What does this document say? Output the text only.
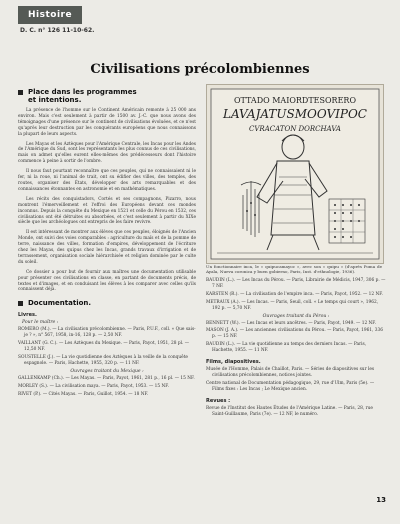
Histoire
D. C. n° 126 11-10-62.
Civilisations précolombiennes
Place dans les programmes
et intentions.

La présence de l'homme sur le Continent Américain remonte à 25 000 ans environ. Mais c'est seulement à partir de 1500 av. J.-C. que nous avons des témoignages d'une présence sur le continent de civilisations évoluées, et ce n'est qu'après leur destruction par les conquérants européens que nous connaissons la plupart de leurs aspects.

Les Mayas et les Aztèques pour l'Amérique Centrale, les Incas pour les Andes de l'Amérique du Sud, sont les représentants les plus connus de ces civilisations, mais on admet qu'elles eurent elles-mêmes des prédécesseurs dont l'histoire commence à peine à sortir de l'ombre.

Il nous faut pourtant reconnaître que ces peuples, qui ne connaissaient ni le fer, ni la roue, ni l'animal de trait, ont su édifier des villes, des temples, des routes, organiser des États, développer des arts remarquables et des connaissances étonnantes en astronomie et en mathématiques.

Les récits des conquistadors, Cortés et ses compagnons, Pizarro, nous montrent l'émerveillement et l'effroi des Européens devant ces mondes inconnus. Depuis la conquête du Mexique en 1521 et celle du Pérou en 1532, ces civilisations ont été détruites ou absorbées, et c'est seulement à partir du XIXe siècle que les archéologues ont entrepris de les faire revivre.

Il est intéressant de montrer aux élèves que ces peuples, éloignés de l'Ancien Monde, ont suivi des voies comparables : agriculture du maïs et de la pomme de terre, naissance des villes, formation d'empires, développement de l'écriture chez les Mayas, des quipus chez les Incas, grands travaux d'irrigation et de terrassement, organisation sociale hiérarchisée et religion dominée par le culte du soleil.

Ce dossier a pour but de fournir aux maîtres une documentation utilisable pour présenter ces civilisations en classe, en partant de documents précis, de textes et d'images, et en conduisant les élèves à les comparer avec celles qu'ils connaissent déjà.

Documentation.
Livres.
Pour le maître :

ROMERO (M.). — La civilisation précolombienne. — Paris, P.U.F., coll. « Que sais-je ? », n° 567, 1958, in-16, 128 p. — 2,50 NF.

VAILLANT (G. C.). — Les Aztèques du Mexique. — Paris, Payot, 1951, 28 pl. — 12,50 NF.

SOUSTELLE (J.). — La vie quotidienne des Aztèques à la veille de la conquête espagnole. — Paris, Hachette, 1955, 320 p. — 11 NF.

Ouvrages traitant du Mexique :

GALLENKAMP (Ch.). — Les Mayas. — Paris, Payot, 1961, 281 p., 16 pl. — 15 NF.

MORLEY (S.). — La civilisation maya. — Paris, Payot, 1953. — 15 NF.

RIVET (P.). — Cités Mayas. — Paris, Guillot, 1954. — 18 NF.

OTTADO MAIORDTESORERO
LAVAJATUSMOOVIPOC
CVRACATON DORCHAVA
Un fonctionnaire inca, le « quipucamayoc », avec son « quipu » (d'après Poma de Ayala, Nueva coronica y buen gobierno, Paris, Inst. d'ethnologie, 1936).

BAUDIN (L.). — Les Incas du Pérou. — Paris, Librairie de Médicis, 1947, 306 p. — 7 NF.

KARSTEN (R.). — La civilisation de l'empire inca. — Paris, Payot, 1952. — 12 NF.

METRAUX (A.). — Les Incas. — Paris, Seuil, coll. « Le temps qui court », 1962, 192 p. — 5,70 NF.

Ouvrages traitant du Pérou :

BENNETT (W.). — Les Incas et leurs ancêtres. — Paris, Payot, 1949. — 12 NF.

MASON (J. A.). — Les anciennes civilisations du Pérou. — Paris, Payot, 1961, 336 p. — 15 NF.

BAUDIN (L.). — La vie quotidienne au temps des derniers Incas. — Paris, Hachette, 1955. — 11 NF.

Films, diapositives.

Musée de l'Homme, Palais de Chaillot, Paris. — Séries de diapositives sur les civilisations précolombiennes, notices jointes.

Centre national de Documentation pédagogique, 29, rue d'Ulm, Paris (5e). — Films fixes : Les Incas ; Le Mexique ancien.

Revues :

Revue de l'Institut des Hautes Études de l'Amérique Latine. — Paris, 28, rue Saint-Guillaume, Paris (7e). — 12 NF, le numéro.

13
